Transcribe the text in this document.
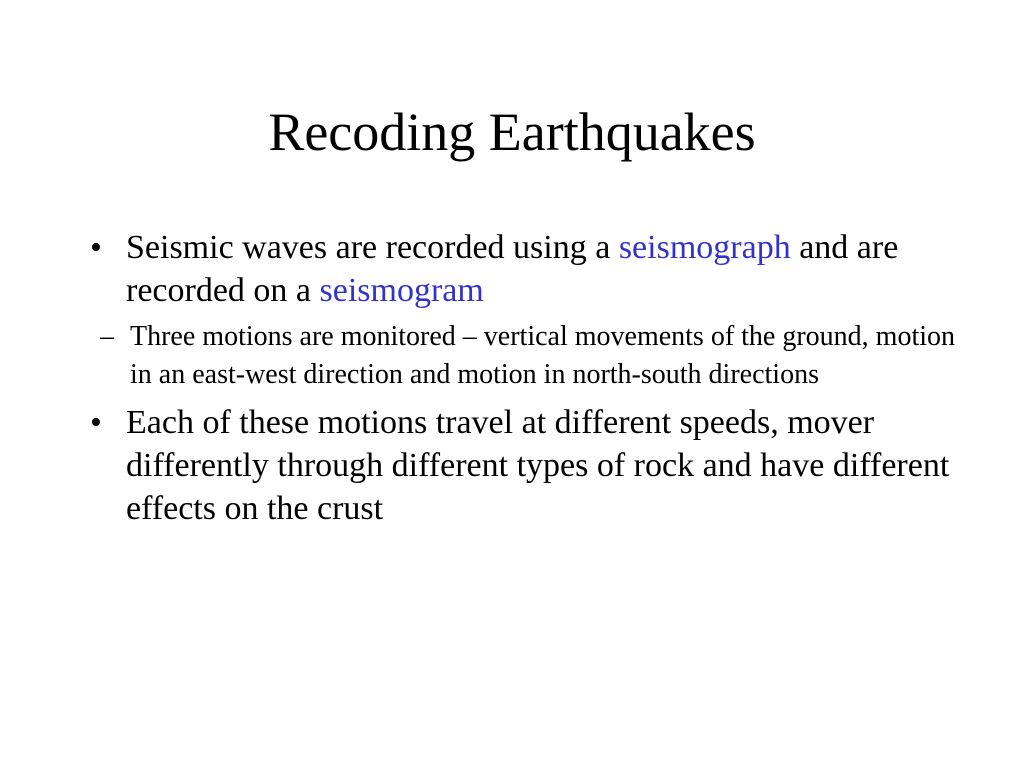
Recoding Earthquakes
• Seismic waves are recorded using a seismograph and are recorded on a seismogram
– Three motions are monitored – vertical movements of the ground, motion in an east-west direction and motion in north-south directions
• Each of these motions travel at different speeds, mover differently through different types of rock and have different effects on the crust
